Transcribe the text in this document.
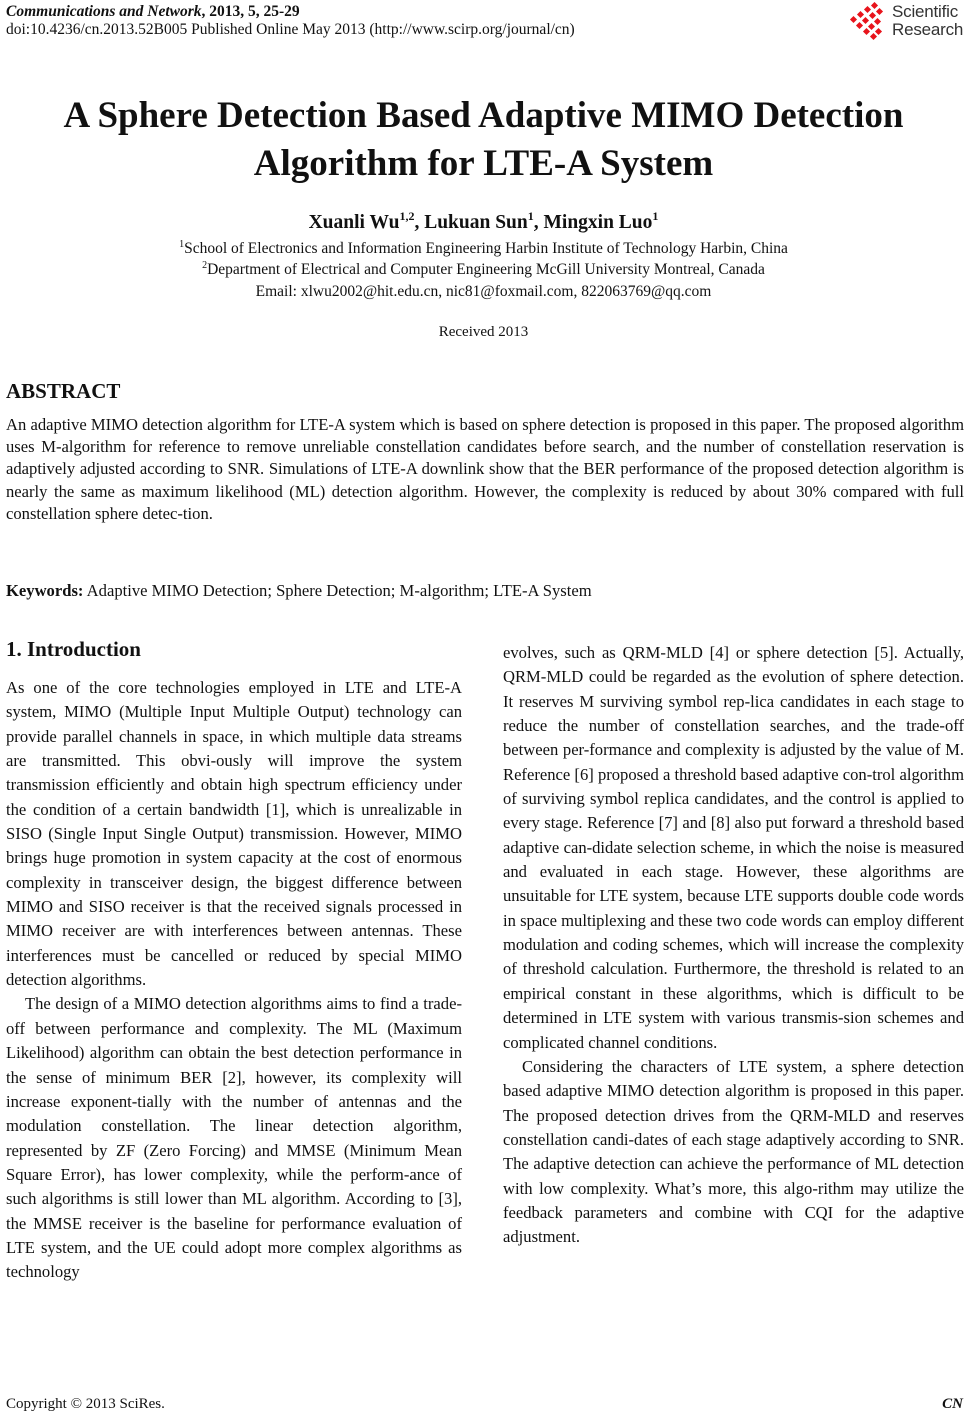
Communications and Network, 2013, 5, 25-29
doi:10.4236/cn.2013.52B005 Published Online May 2013 (http://www.scirp.org/journal/cn)
Scientific
Research
A Sphere Detection Based Adaptive MIMO Detection
Algorithm for LTE-A System
Xuanli Wu$^{1,2}$, Lukuan Sun$^1$, Mingxin Luo$^1$
$^1$School of Electronics and Information Engineering Harbin Institute of Technology Harbin, China
$^2$Department of Electrical and Computer Engineering McGill University Montreal, Canada
Email: xlwu2002@hit.edu.cn, nic81@foxmail.com, 822063769@qq.com
Received 2013
ABSTRACT
An adaptive MIMO detection algorithm for LTE-A system which is based on sphere detection is proposed in this paper. The proposed algorithm uses M-algorithm for reference to remove unreliable constellation candidates before search, and the number of constellation reservation is adaptively adjusted according to SNR. Simulations of LTE-A downlink show that the BER performance of the proposed detection algorithm is nearly the same as maximum likelihood (ML) detection algorithm. However, the complexity is reduced by about 30% compared with full constellation sphere detec-tion.
Keywords: Adaptive MIMO Detection; Sphere Detection; M-algorithm; LTE-A System
1. Introduction

As one of the core technologies employed in LTE and LTE-A system, MIMO (Multiple Input Multiple Output) technology can provide parallel channels in space, in which multiple data streams are transmitted. This obvi-ously will improve the system transmission efficiently and obtain high spectrum efficiency under the condition of a certain bandwidth [1], which is unrealizable in SISO (Single Input Single Output) transmission. However, MIMO brings huge promotion in system capacity at the cost of enormous complexity in transceiver design, the biggest difference between MIMO and SISO receiver is that the received signals processed in MIMO receiver are with interferences between antennas. These interferences must be cancelled or reduced by special MIMO detection algorithms.

The design of a MIMO detection algorithms aims to find a trade-off between performance and complexity. The ML (Maximum Likelihood) algorithm can obtain the best detection performance in the sense of minimum BER [2], however, its complexity will increase exponent-tially with the number of antennas and the modulation constellation. The linear detection algorithm, represented by ZF (Zero Forcing) and MMSE (Minimum Mean Square Error), has lower complexity, while the perform-ance of such algorithms is still lower than ML algorithm. According to [3], the MMSE receiver is the baseline for performance evaluation of LTE system, and the UE could adopt more complex algorithms as technology

evolves, such as QRM-MLD [4] or sphere detection [5]. Actually, QRM-MLD could be regarded as the evolution of sphere detection. It reserves M surviving symbol rep-lica candidates in each stage to reduce the number of constellation searches, and the trade-off between per-formance and complexity is adjusted by the value of M. Reference [6] proposed a threshold based adaptive con-trol algorithm of surviving symbol replica candidates, and the control is applied to every stage. Reference [7] and [8] also put forward a threshold based adaptive can-didate selection scheme, in which the noise is measured and evaluated in each stage. However, these algorithms are unsuitable for LTE system, because LTE supports double code words in space multiplexing and these two code words can employ different modulation and coding schemes, which will increase the complexity of threshold calculation. Furthermore, the threshold is related to an empirical constant in these algorithms, which is difficult to be determined in LTE system with various transmis-sion schemes and complicated channel conditions.

Considering the characters of LTE system, a sphere detection based adaptive MIMO detection algorithm is proposed in this paper. The proposed detection drives from the QRM-MLD and reserves constellation candi-dates of each stage adaptively according to SNR. The adaptive detection can achieve the performance of ML detection with low complexity. What’s more, this algo-rithm may utilize the feedback parameters and combine with CQI for the adaptive adjustment.

Copyright © 2013 SciRes.	CN
